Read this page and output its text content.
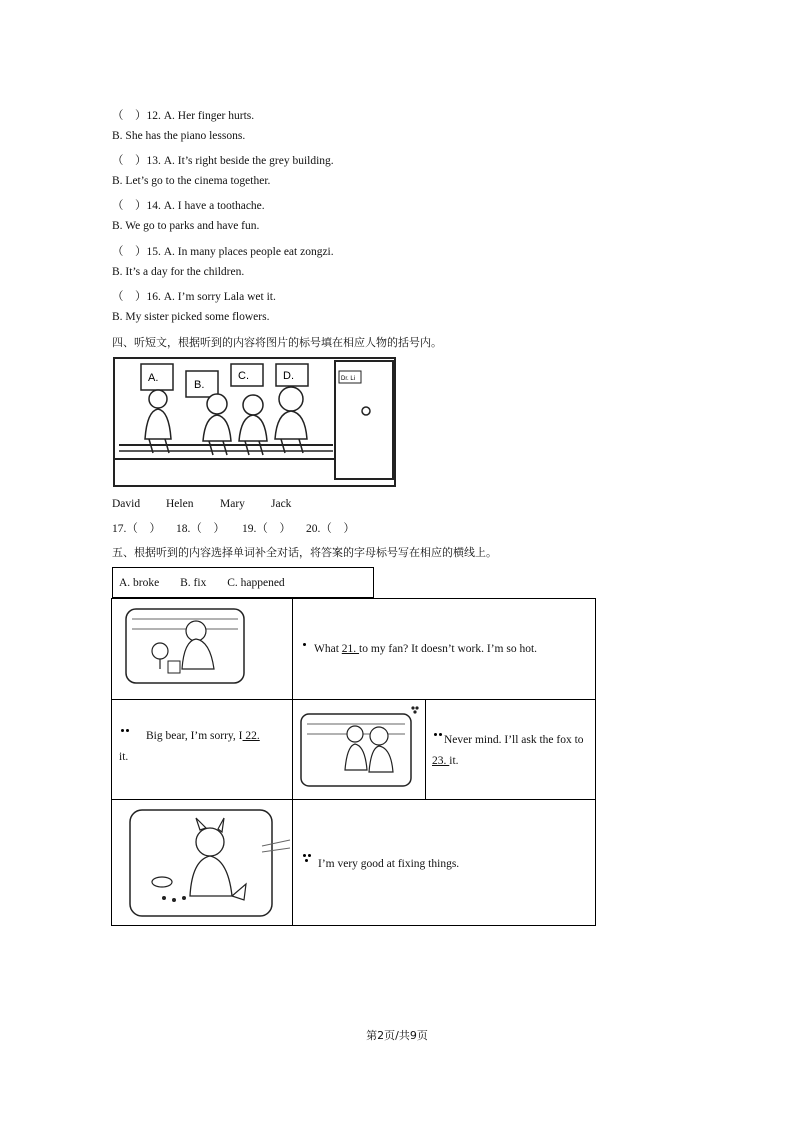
（　）12. A. Her finger hurts.
B. She has the piano lessons.
（　）13. A. It’s right beside the grey building.
B. Let’s go to the cinema together.
（　）14. A. I have a toothache.
B. We go to parks and have fun.
（　）15. A. In many places people eat zongzi.
B. It’s a day for the children.
（　）16. A. I’m sorry Lala wet it.
B. My sister picked some flowers.
四、听短文，根据听到的内容将图片的标号填在相应人物的括号内。
A.
B.
C.	D.	Dr. Li
David Helen Mary Jack
17.（　） 18.（　） 19.（　） 20.（　）
五、根据听到的内容选择单词补全对话，将答案的字母标号写在相应的横线上。
A. broke B. fix C. happened
What 21. to my fan? It doesn’t work. I’m so hot.
Big bear, I’m sorry, I 22.
it.
Never mind. I’ll ask the fox to 23. it.
I’m very good at fixing things.
第2页/共9页
